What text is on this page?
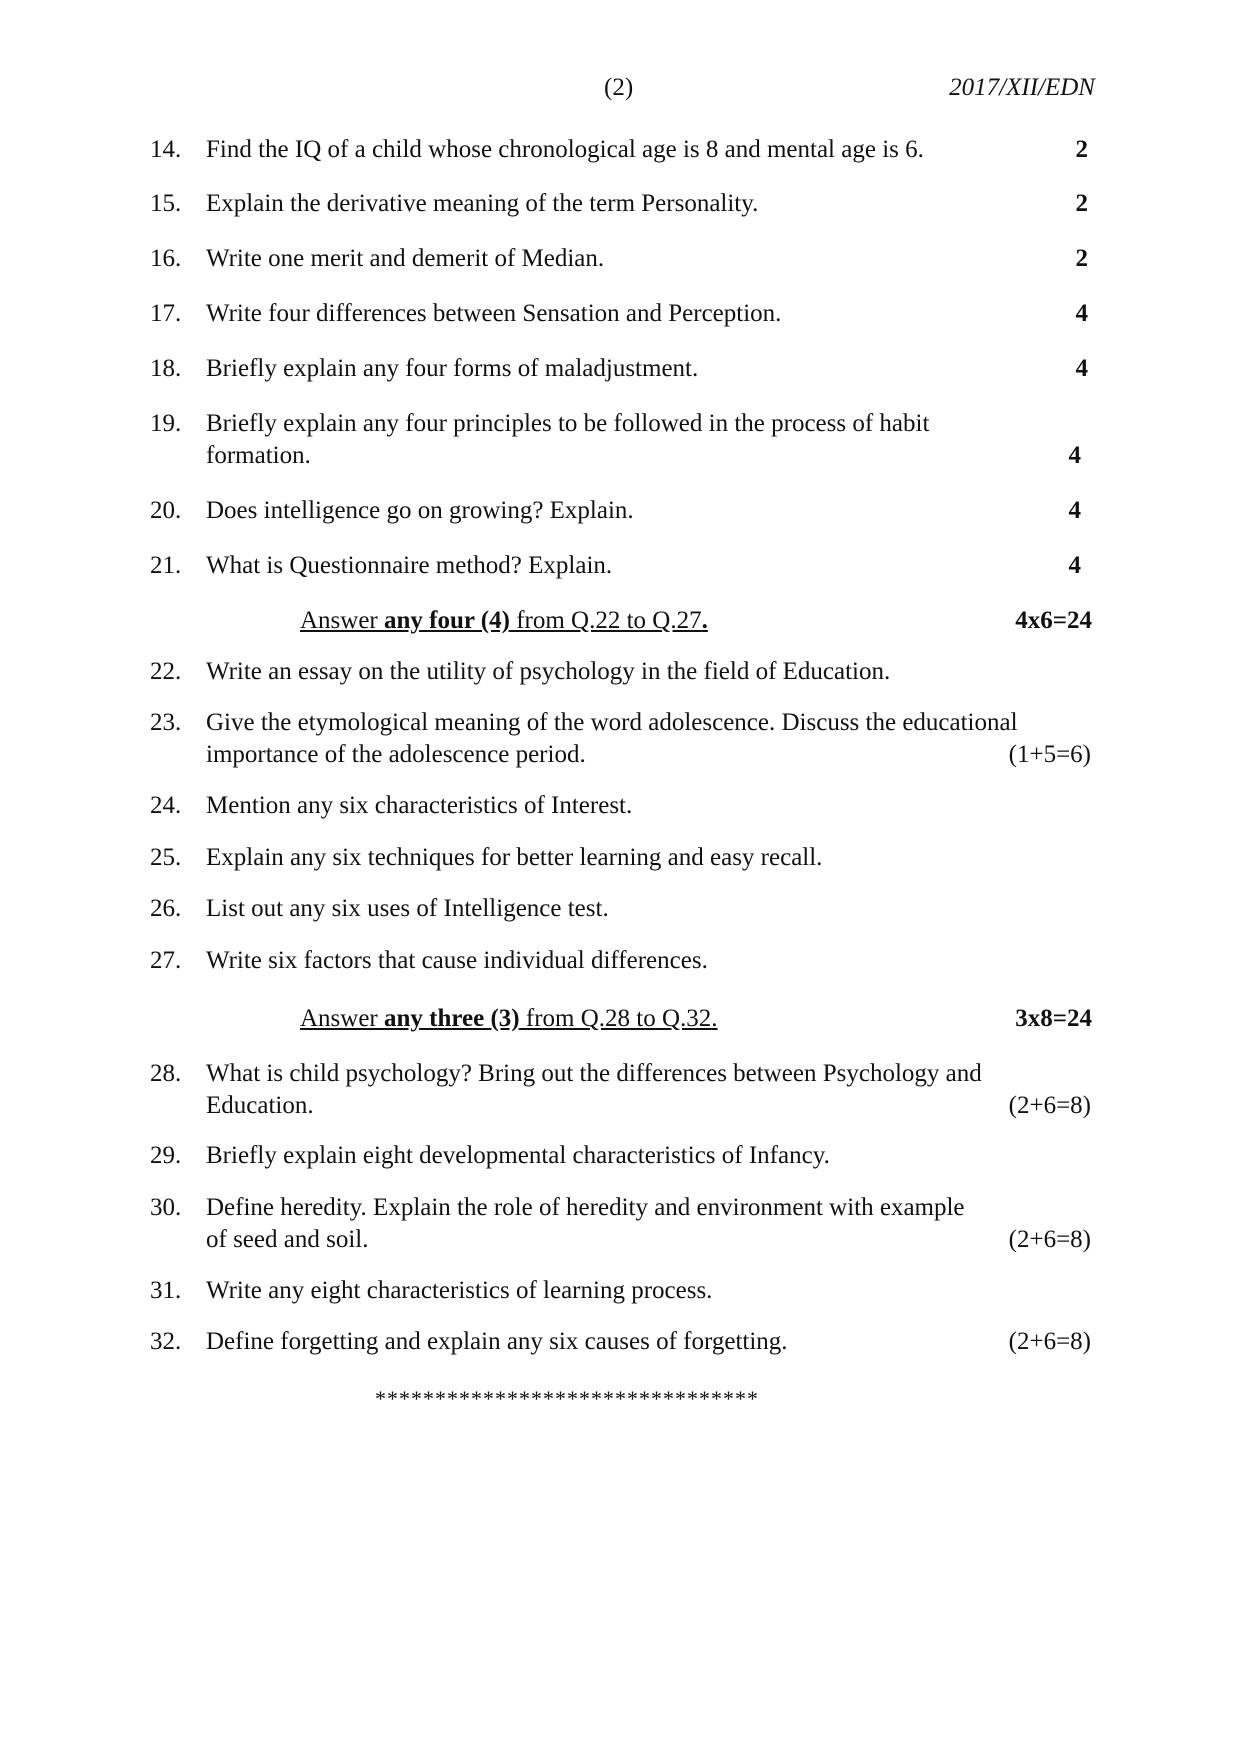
(2)	2017/XII/EDN
14. Find the IQ of a child whose chronological age is 8 and mental age is 6.	2
15. Explain the derivative meaning of the term Personality.	2
16. Write one merit and demerit of Median.	2
17. Write four differences between Sensation and Perception.	4
18. Briefly explain any four forms of maladjustment.	4
19. Briefly explain any four principles to be followed in the process of habit
formation.	4
20. Does intelligence go on growing? Explain.	4
21. What is Questionnaire method? Explain.	4
Answer any four (4) from Q.22 to Q.27.	4x6=24
22. Write an essay on the utility of psychology in the field of Education.
23. Give the etymological meaning of the word adolescence. Discuss the educational
importance of the adolescence period.	(1+5=6)
24. Mention any six characteristics of Interest.
25. Explain any six techniques for better learning and easy recall.
26. List out any six uses of Intelligence test.
27. Write six factors that cause individual differences.
Answer any three (3) from Q.28 to Q.32.	3x8=24
28. What is child psychology? Bring out the differences between Psychology and
Education.	(2+6=8)
29. Briefly explain eight developmental characteristics of Infancy.
30. Define heredity. Explain the role of heredity and environment with example
of seed and soil.	(2+6=8)
31. Write any eight characteristics of learning process.
32. Define forgetting and explain any six causes of forgetting.	(2+6=8)
********************************
